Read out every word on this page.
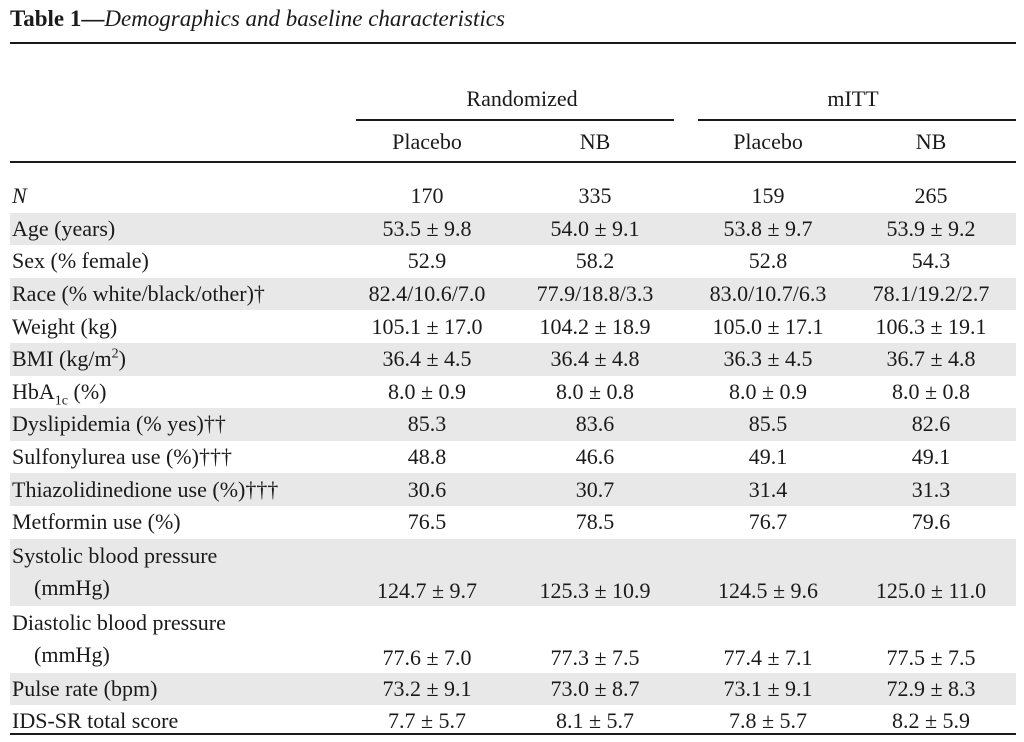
Table 1—Demographics and baseline characteristics
	Randomized		mITT	

	Placebo	NB	Placebo	NB

N	170	335	159	265
Age (years)	53.5 ± 9.8	54.0 ± 9.1	53.8 ± 9.7	53.9 ± 9.2
Sex (% female)	52.9	58.2	52.8	54.3
Race (% white/black/other)†	82.4/10.6/7.0	77.9/18.8/3.3	83.0/10.7/6.3	78.1/19.2/2.7
Weight (kg)	105.1 ± 17.0	104.2 ± 18.9	105.0 ± 17.1	106.3 ± 19.1
BMI $(kg/m^2)$	36.4 ± 4.5	36.4 ± 4.8	36.3 ± 4.5	36.7 ± 4.8
HbA$_{1c}$ (%)	8.0 ± 0.9	8.0 ± 0.8	8.0 ± 0.9	8.0 ± 0.8
Dyslipidemia (% yes)††	85.3	83.6	85.5	82.6
Sulfonylurea use (%)†††	48.8	46.6	49.1	49.1
Thiazolidinedione use (%)†††	30.6	30.7	31.4	31.3
Metformin use (%)	76.5	78.5	76.7	79.6

Systolic blood pressure
(mmHg)	124.7 ± 9.7	125.3 ± 10.9	124.5 ± 9.6	125.0 ± 11.0

Diastolic blood pressure
(mmHg)	77.6 ± 7.0	77.3 ± 7.5	77.4 ± 7.1	77.5 ± 7.5
Pulse rate (bpm)	73.2 ± 9.1	73.0 ± 8.7	73.1 ± 9.1	72.9 ± 8.3
IDS-SR total score	7.7 ± 5.7	8.1 ± 5.7	7.8 ± 5.7	8.2 ± 5.9
